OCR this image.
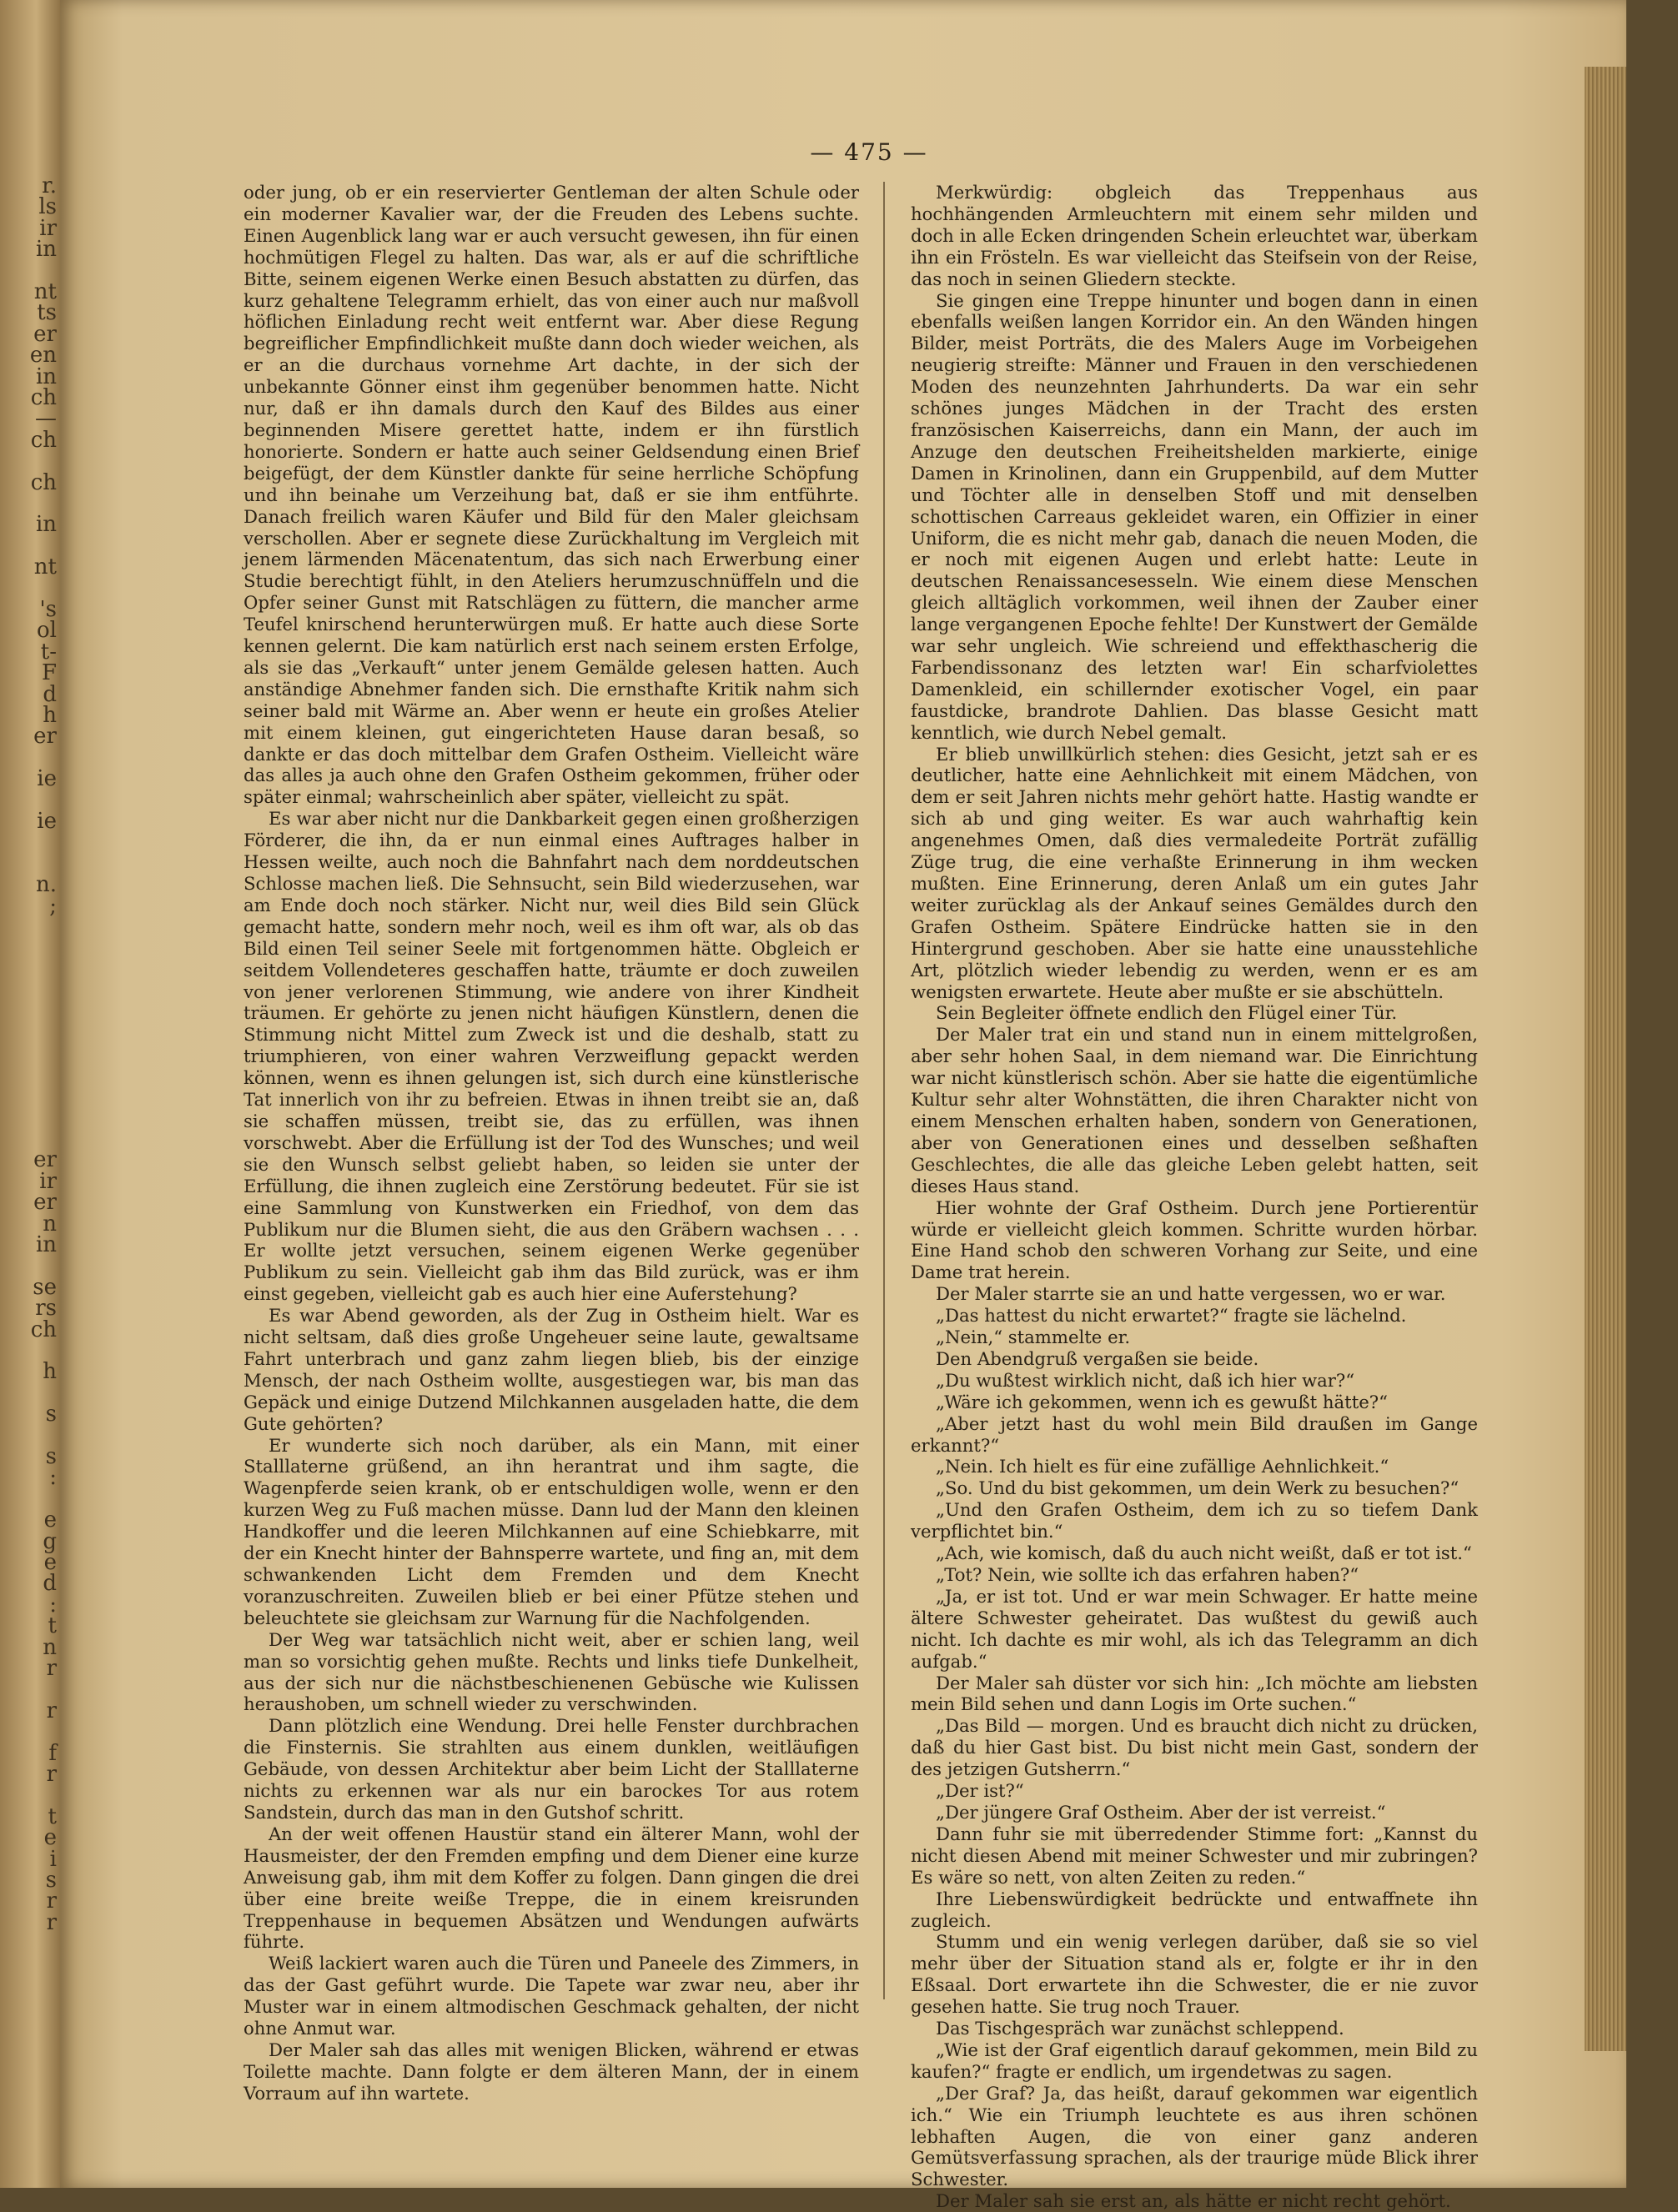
r.
ls
ir
in
nt
ts
er
en
in
ch
—
ch
ch
in
nt
's
ol
t-
F
d
h
er
ie
ie
n.
;
er
ir
er
n
in
se
rs
ch
h
s
s
:
e
g
e
d
:
t
n
r
r
f
r
t
e
i
s
r
r
— 475 —

oder jung, ob er ein reservierter Gentleman der alten Schule oder ein moderner Kavalier war, der die Freuden des Lebens suchte. Einen Augenblick lang war er auch versucht gewesen, ihn für einen hochmütigen Flegel zu halten. Das war, als er auf die schriftliche Bitte, seinem eigenen Werke einen Besuch abstatten zu dürfen, das kurz gehaltene Telegramm erhielt, das von einer auch nur maßvoll höflichen Einladung recht weit entfernt war. Aber diese Regung begreiflicher Empfindlichkeit mußte dann doch wieder weichen, als er an die durchaus vornehme Art dachte, in der sich der unbekannte Gönner einst ihm gegenüber benommen hatte. Nicht nur, daß er ihn damals durch den Kauf des Bildes aus einer beginnenden Misere gerettet hatte, indem er ihn fürstlich honorierte. Sondern er hatte auch seiner Geldsendung einen Brief beigefügt, der dem Künstler dankte für seine herrliche Schöpfung und ihn beinahe um Verzeihung bat, daß er sie ihm entführte. Danach freilich waren Käufer und Bild für den Maler gleichsam verschollen. Aber er segnete diese Zurückhaltung im Vergleich mit jenem lärmenden Mäcenatentum, das sich nach Erwerbung einer Studie berechtigt fühlt, in den Ateliers herumzuschnüffeln und die Opfer seiner Gunst mit Ratschlägen zu füttern, die mancher arme Teufel knirschend herunterwürgen muß. Er hatte auch diese Sorte kennen gelernt. Die kam natürlich erst nach seinem ersten Erfolge, als sie das „Verkauft“ unter jenem Gemälde gelesen hatten. Auch anständige Abnehmer fanden sich. Die ernsthafte Kritik nahm sich seiner bald mit Wärme an. Aber wenn er heute ein großes Atelier mit einem kleinen, gut eingerichteten Hause daran besaß, so dankte er das doch mittelbar dem Grafen Ostheim. Vielleicht wäre das alles ja auch ohne den Grafen Ostheim gekommen, früher oder später einmal; wahrscheinlich aber später, vielleicht zu spät.

Es war aber nicht nur die Dankbarkeit gegen einen großherzigen Förderer, die ihn, da er nun einmal eines Auftrages halber in Hessen weilte, auch noch die Bahnfahrt nach dem norddeutschen Schlosse machen ließ. Die Sehnsucht, sein Bild wiederzusehen, war am Ende doch noch stärker. Nicht nur, weil dies Bild sein Glück gemacht hatte, sondern mehr noch, weil es ihm oft war, als ob das Bild einen Teil seiner Seele mit fortgenommen hätte. Obgleich er seitdem Vollendeteres geschaffen hatte, träumte er doch zuweilen von jener verlorenen Stimmung, wie andere von ihrer Kindheit träumen. Er gehörte zu jenen nicht häufigen Künstlern, denen die Stimmung nicht Mittel zum Zweck ist und die deshalb, statt zu triumphieren, von einer wahren Verzweiflung gepackt werden können, wenn es ihnen gelungen ist, sich durch eine künstlerische Tat innerlich von ihr zu befreien. Etwas in ihnen treibt sie an, daß sie schaffen müssen, treibt sie, das zu erfüllen, was ihnen vorschwebt. Aber die Erfüllung ist der Tod des Wunsches; und weil sie den Wunsch selbst geliebt haben, so leiden sie unter der Erfüllung, die ihnen zugleich eine Zerstörung bedeutet. Für sie ist eine Sammlung von Kunstwerken ein Friedhof, von dem das Publikum nur die Blumen sieht, die aus den Gräbern wachsen . . . Er wollte jetzt versuchen, seinem eigenen Werke gegenüber Publikum zu sein. Vielleicht gab ihm das Bild zurück, was er ihm einst gegeben, vielleicht gab es auch hier eine Auferstehung?

Es war Abend geworden, als der Zug in Ostheim hielt. War es nicht seltsam, daß dies große Ungeheuer seine laute, gewaltsame Fahrt unterbrach und ganz zahm liegen blieb, bis der einzige Mensch, der nach Ostheim wollte, ausgestiegen war, bis man das Gepäck und einige Dutzend Milchkannen ausgeladen hatte, die dem Gute gehörten?

Er wunderte sich noch darüber, als ein Mann, mit einer Stalllaterne grüßend, an ihn herantrat und ihm sagte, die Wagenpferde seien krank, ob er entschuldigen wolle, wenn er den kurzen Weg zu Fuß machen müsse. Dann lud der Mann den kleinen Handkoffer und die leeren Milchkannen auf eine Schiebkarre, mit der ein Knecht hinter der Bahnsperre wartete, und fing an, mit dem schwankenden Licht dem Fremden und dem Knecht voranzuschreiten. Zuweilen blieb er bei einer Pfütze stehen und beleuchtete sie gleichsam zur Warnung für die Nachfolgenden.

Der Weg war tatsächlich nicht weit, aber er schien lang, weil man so vorsichtig gehen mußte. Rechts und links tiefe Dunkelheit, aus der sich nur die nächstbeschienenen Gebüsche wie Kulissen heraushoben, um schnell wieder zu verschwinden.

Dann plötzlich eine Wendung. Drei helle Fenster durchbrachen die Finsternis. Sie strahlten aus einem dunklen, weitläufigen Gebäude, von dessen Architektur aber beim Licht der Stalllaterne nichts zu erkennen war als nur ein barockes Tor aus rotem Sandstein, durch das man in den Gutshof schritt.

An der weit offenen Haustür stand ein älterer Mann, wohl der Hausmeister, der den Fremden empfing und dem Diener eine kurze Anweisung gab, ihm mit dem Koffer zu folgen. Dann gingen die drei über eine breite weiße Treppe, die in einem kreisrunden Treppenhause in bequemen Absätzen und Wendungen aufwärts führte.

Weiß lackiert waren auch die Türen und Paneele des Zimmers, in das der Gast geführt wurde. Die Tapete war zwar neu, aber ihr Muster war in einem altmodischen Geschmack gehalten, der nicht ohne Anmut war.

Der Maler sah das alles mit wenigen Blicken, während er etwas Toilette machte. Dann folgte er dem älteren Mann, der in einem Vorraum auf ihn wartete.

Merkwürdig: obgleich das Treppenhaus aus hochhängenden Armleuchtern mit einem sehr milden und doch in alle Ecken dringenden Schein erleuchtet war, überkam ihn ein Frösteln. Es war vielleicht das Steifsein von der Reise, das noch in seinen Gliedern steckte.

Sie gingen eine Treppe hinunter und bogen dann in einen ebenfalls weißen langen Korridor ein. An den Wänden hingen Bilder, meist Porträts, die des Malers Auge im Vorbeigehen neugierig streifte: Männer und Frauen in den verschiedenen Moden des neunzehnten Jahrhunderts. Da war ein sehr schönes junges Mädchen in der Tracht des ersten französischen Kaiserreichs, dann ein Mann, der auch im Anzuge den deutschen Freiheitshelden markierte, einige Damen in Krinolinen, dann ein Gruppenbild, auf dem Mutter und Töchter alle in denselben Stoff und mit denselben schottischen Carreaus gekleidet waren, ein Offizier in einer Uniform, die es nicht mehr gab, danach die neuen Moden, die er noch mit eigenen Augen und erlebt hatte: Leute in deutschen Renaissancesesseln. Wie einem diese Menschen gleich alltäglich vorkommen, weil ihnen der Zauber einer lange vergangenen Epoche fehlte! Der Kunstwert der Gemälde war sehr ungleich. Wie schreiend und effekthascherig die Farbendissonanz des letzten war! Ein scharfviolettes Damenkleid, ein schillernder exotischer Vogel, ein paar faustdicke, brandrote Dahlien. Das blasse Gesicht matt kenntlich, wie durch Nebel gemalt.

Er blieb unwillkürlich stehen: dies Gesicht, jetzt sah er es deutlicher, hatte eine Aehnlichkeit mit einem Mädchen, von dem er seit Jahren nichts mehr gehört hatte. Hastig wandte er sich ab und ging weiter. Es war auch wahrhaftig kein angenehmes Omen, daß dies vermaledeite Porträt zufällig Züge trug, die eine verhaßte Erinnerung in ihm wecken mußten. Eine Erinnerung, deren Anlaß um ein gutes Jahr weiter zurücklag als der Ankauf seines Gemäldes durch den Grafen Ostheim. Spätere Eindrücke hatten sie in den Hintergrund geschoben. Aber sie hatte eine unausstehliche Art, plötzlich wieder lebendig zu werden, wenn er es am wenigsten erwartete. Heute aber mußte er sie abschütteln.

Sein Begleiter öffnete endlich den Flügel einer Tür.

Der Maler trat ein und stand nun in einem mittelgroßen, aber sehr hohen Saal, in dem niemand war. Die Einrichtung war nicht künstlerisch schön. Aber sie hatte die eigentümliche Kultur sehr alter Wohnstätten, die ihren Charakter nicht von einem Menschen erhalten haben, sondern von Generationen, aber von Generationen eines und desselben seßhaften Geschlechtes, die alle das gleiche Leben gelebt hatten, seit dieses Haus stand.

Hier wohnte der Graf Ostheim. Durch jene Portierentür würde er vielleicht gleich kommen. Schritte wurden hörbar. Eine Hand schob den schweren Vorhang zur Seite, und eine Dame trat herein.

Der Maler starrte sie an und hatte vergessen, wo er war.

„Das hattest du nicht erwartet?“ fragte sie lächelnd.

„Nein,“ stammelte er.

Den Abendgruß vergaßen sie beide.

„Du wußtest wirklich nicht, daß ich hier war?“

„Wäre ich gekommen, wenn ich es gewußt hätte?“

„Aber jetzt hast du wohl mein Bild draußen im Gange erkannt?“

„Nein. Ich hielt es für eine zufällige Aehnlichkeit.“

„So. Und du bist gekommen, um dein Werk zu besuchen?“

„Und den Grafen Ostheim, dem ich zu so tiefem Dank verpflichtet bin.“

„Ach, wie komisch, daß du auch nicht weißt, daß er tot ist.“

„Tot? Nein, wie sollte ich das erfahren haben?“

„Ja, er ist tot. Und er war mein Schwager. Er hatte meine ältere Schwester geheiratet. Das wußtest du gewiß auch nicht. Ich dachte es mir wohl, als ich das Telegramm an dich aufgab.“

Der Maler sah düster vor sich hin: „Ich möchte am liebsten mein Bild sehen und dann Logis im Orte suchen.“

„Das Bild — morgen. Und es braucht dich nicht zu drücken, daß du hier Gast bist. Du bist nicht mein Gast, sondern der des jetzigen Gutsherrn.“

„Der ist?“

„Der jüngere Graf Ostheim. Aber der ist verreist.“

Dann fuhr sie mit überredender Stimme fort: „Kannst du nicht diesen Abend mit meiner Schwester und mir zubringen? Es wäre so nett, von alten Zeiten zu reden.“

Ihre Liebenswürdigkeit bedrückte und entwaffnete ihn zugleich.

Stumm und ein wenig verlegen darüber, daß sie so viel mehr über der Situation stand als er, folgte er ihr in den Eßsaal. Dort erwartete ihn die Schwester, die er nie zuvor gesehen hatte. Sie trug noch Trauer.

Das Tischgespräch war zunächst schleppend.

„Wie ist der Graf eigentlich darauf gekommen, mein Bild zu kaufen?“ fragte er endlich, um irgendetwas zu sagen.

„Der Graf? Ja, das heißt, darauf gekommen war eigentlich ich.“ Wie ein Triumph leuchtete es aus ihren schönen lebhaften Augen, die von einer ganz anderen Gemütsverfassung sprachen, als der traurige müde Blick ihrer Schwester.

Der Maler sah sie erst an, als hätte er nicht recht gehört.
